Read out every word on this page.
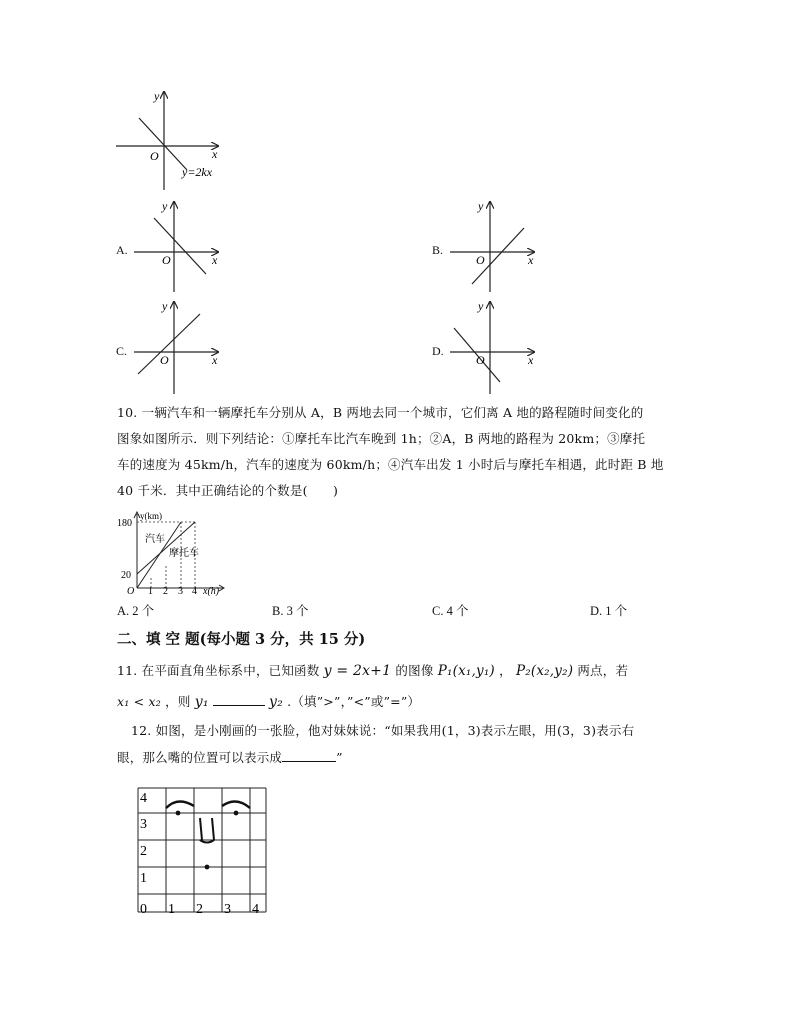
y
x
O
y=2kx
A.
y
x
O
B.
y
x
O
C.
y
x
O
D.
y
x
O
10. 一辆汽车和一辆摩托车分别从 A，B 两地去同一个城市，它们离 A 地的路程随时间变化的
图象如图所示．则下列结论：①摩托车比汽车晚到 1h；②A，B 两地的路程为 20km；③摩托
车的速度为 45km/h，汽车的速度为 60km/h；④汽车出发 1 小时后与摩托车相遇，此时距 B 地
40 千米．其中正确结论的个数是(　　)
y(km)
180
20
O 1 2 3 4 x(h)
汽车
摩托车
A. 2 个	B. 3 个	C. 4 个	D. 1 个
二、填 空 题(每小题 3 分，共 15 分)
11. 在平面直角坐标系中，已知函数 y = 2x+1 的图像 P₁(x₁,y₁) ， P₂(x₂,y₂) 两点，若
x₁ < x₂ ，则 y₁	y₂ .（填”>”，”<”或”=”）
12. 如图，是小刚画的一张脸，他对妹妹说：“如果我用(1，3)表示左眼，用(3，3)表示右
眼，那么嘴的位置可以表示成	”
0 1 2 3 4
4
3
2
1
